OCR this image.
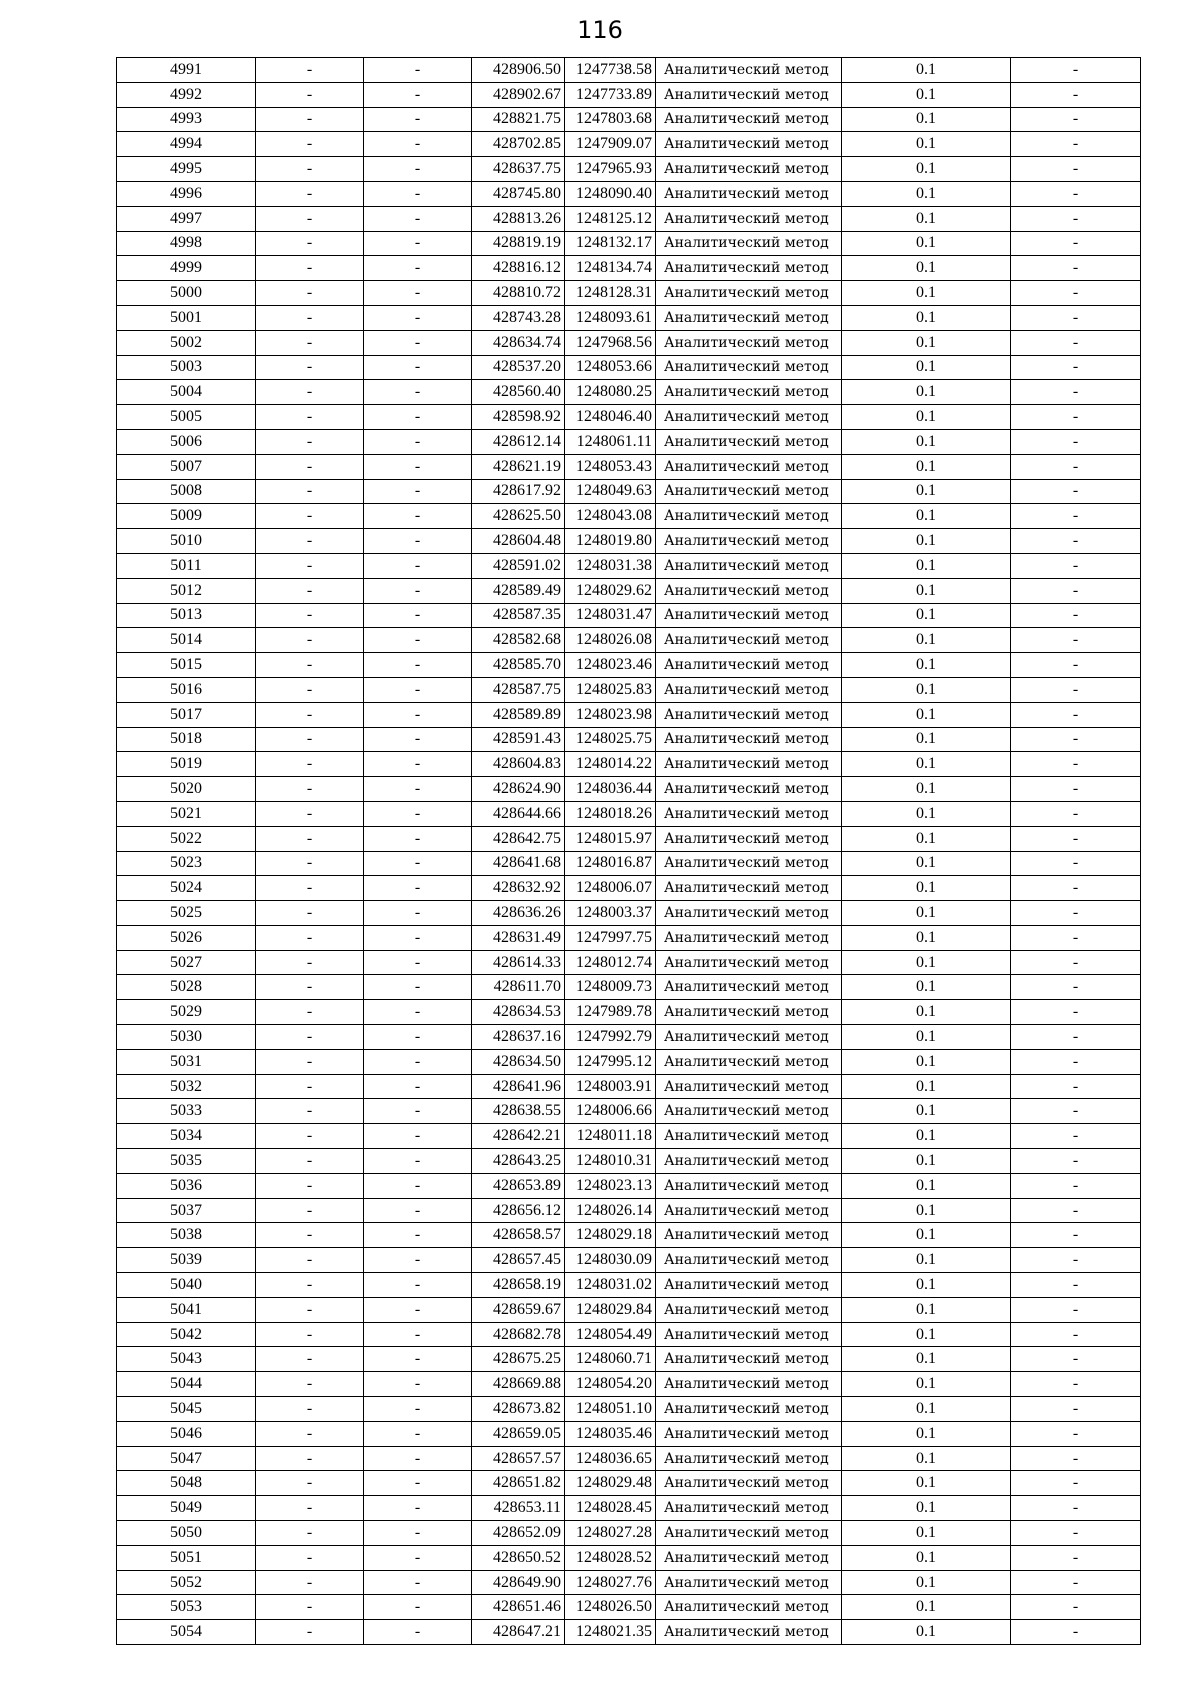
116
4991	-	-	428906.50	1247738.58	Аналитический метод	0.1	-
4992	-	-	428902.67	1247733.89	Аналитический метод	0.1	-
4993	-	-	428821.75	1247803.68	Аналитический метод	0.1	-
4994	-	-	428702.85	1247909.07	Аналитический метод	0.1	-
4995	-	-	428637.75	1247965.93	Аналитический метод	0.1	-
4996	-	-	428745.80	1248090.40	Аналитический метод	0.1	-
4997	-	-	428813.26	1248125.12	Аналитический метод	0.1	-
4998	-	-	428819.19	1248132.17	Аналитический метод	0.1	-
4999	-	-	428816.12	1248134.74	Аналитический метод	0.1	-
5000	-	-	428810.72	1248128.31	Аналитический метод	0.1	-
5001	-	-	428743.28	1248093.61	Аналитический метод	0.1	-
5002	-	-	428634.74	1247968.56	Аналитический метод	0.1	-
5003	-	-	428537.20	1248053.66	Аналитический метод	0.1	-
5004	-	-	428560.40	1248080.25	Аналитический метод	0.1	-
5005	-	-	428598.92	1248046.40	Аналитический метод	0.1	-
5006	-	-	428612.14	1248061.11	Аналитический метод	0.1	-
5007	-	-	428621.19	1248053.43	Аналитический метод	0.1	-
5008	-	-	428617.92	1248049.63	Аналитический метод	0.1	-
5009	-	-	428625.50	1248043.08	Аналитический метод	0.1	-
5010	-	-	428604.48	1248019.80	Аналитический метод	0.1	-
5011	-	-	428591.02	1248031.38	Аналитический метод	0.1	-
5012	-	-	428589.49	1248029.62	Аналитический метод	0.1	-
5013	-	-	428587.35	1248031.47	Аналитический метод	0.1	-
5014	-	-	428582.68	1248026.08	Аналитический метод	0.1	-
5015	-	-	428585.70	1248023.46	Аналитический метод	0.1	-
5016	-	-	428587.75	1248025.83	Аналитический метод	0.1	-
5017	-	-	428589.89	1248023.98	Аналитический метод	0.1	-
5018	-	-	428591.43	1248025.75	Аналитический метод	0.1	-
5019	-	-	428604.83	1248014.22	Аналитический метод	0.1	-
5020	-	-	428624.90	1248036.44	Аналитический метод	0.1	-
5021	-	-	428644.66	1248018.26	Аналитический метод	0.1	-
5022	-	-	428642.75	1248015.97	Аналитический метод	0.1	-
5023	-	-	428641.68	1248016.87	Аналитический метод	0.1	-
5024	-	-	428632.92	1248006.07	Аналитический метод	0.1	-
5025	-	-	428636.26	1248003.37	Аналитический метод	0.1	-
5026	-	-	428631.49	1247997.75	Аналитический метод	0.1	-
5027	-	-	428614.33	1248012.74	Аналитический метод	0.1	-
5028	-	-	428611.70	1248009.73	Аналитический метод	0.1	-
5029	-	-	428634.53	1247989.78	Аналитический метод	0.1	-
5030	-	-	428637.16	1247992.79	Аналитический метод	0.1	-
5031	-	-	428634.50	1247995.12	Аналитический метод	0.1	-
5032	-	-	428641.96	1248003.91	Аналитический метод	0.1	-
5033	-	-	428638.55	1248006.66	Аналитический метод	0.1	-
5034	-	-	428642.21	1248011.18	Аналитический метод	0.1	-
5035	-	-	428643.25	1248010.31	Аналитический метод	0.1	-
5036	-	-	428653.89	1248023.13	Аналитический метод	0.1	-
5037	-	-	428656.12	1248026.14	Аналитический метод	0.1	-
5038	-	-	428658.57	1248029.18	Аналитический метод	0.1	-
5039	-	-	428657.45	1248030.09	Аналитический метод	0.1	-
5040	-	-	428658.19	1248031.02	Аналитический метод	0.1	-
5041	-	-	428659.67	1248029.84	Аналитический метод	0.1	-
5042	-	-	428682.78	1248054.49	Аналитический метод	0.1	-
5043	-	-	428675.25	1248060.71	Аналитический метод	0.1	-
5044	-	-	428669.88	1248054.20	Аналитический метод	0.1	-
5045	-	-	428673.82	1248051.10	Аналитический метод	0.1	-
5046	-	-	428659.05	1248035.46	Аналитический метод	0.1	-
5047	-	-	428657.57	1248036.65	Аналитический метод	0.1	-
5048	-	-	428651.82	1248029.48	Аналитический метод	0.1	-
5049	-	-	428653.11	1248028.45	Аналитический метод	0.1	-
5050	-	-	428652.09	1248027.28	Аналитический метод	0.1	-
5051	-	-	428650.52	1248028.52	Аналитический метод	0.1	-
5052	-	-	428649.90	1248027.76	Аналитический метод	0.1	-
5053	-	-	428651.46	1248026.50	Аналитический метод	0.1	-
5054	-	-	428647.21	1248021.35	Аналитический метод	0.1	-
